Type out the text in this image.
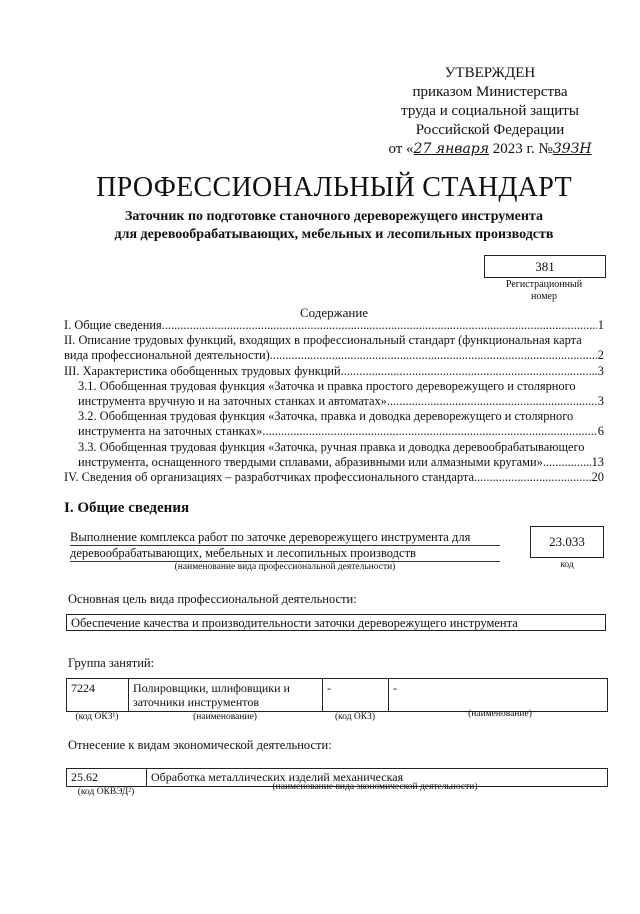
УТВЕРЖДЕН
приказом Министерства
труда и социальной защиты
Российской Федерации
от «27 января 2023 г. №39ЗН
ПРОФЕССИОНАЛЬНЫЙ СТАНДАРТ
Заточник по подготовке станочного дереворежущего инструмента
для деревообрабатывающих, мебельных и лесопильных производств
381
Регистрационный
номер
Содержание
I. Общие сведения .....	1
II. Описание трудовых функций, входящих в профессиональный стандарт (функциональная карта
вида профессиональной деятельности) .....	2
III. Характеристика обобщенных трудовых функций .....	3
3.1. Обобщенная трудовая функция «Заточка и правка простого дереворежущего и столярного
инструмента вручную и на заточных станках и автоматах» .....	3
3.2. Обобщенная трудовая функция «Заточка, правка и доводка дереворежущего и столярного
инструмента на заточных станках» .....	6
3.3. Обобщенная трудовая функция «Заточка, ручная правка и доводка деревообрабатывающего
инструмента, оснащенного твердыми сплавами, абразивными или алмазными кругами» .....	13
IV. Сведения об организациях – разработчиках профессионального стандарта .....	20
I. Общие сведения
Выполнение комплекса работ по заточке дереворежущего инструмента для
деревообрабатывающих, мебельных и лесопильных производств
(наименование вида профессиональной деятельности)
23.033
код
Основная цель вида профессиональной деятельности:
Обеспечение качества и производительности заточки дереворежущего инструмента
Группа занятий:
7224	Полировщики, шлифовщики и
заточники инструментов
-	-
(код ОКЗ¹)	(наименование)	(код ОКЗ)	(наименование)
Отнесение к видам экономической деятельности:
25.62	Обработка металлических изделий механическая
(код ОКВЭД²)	(наименование вида экономической деятельности)
